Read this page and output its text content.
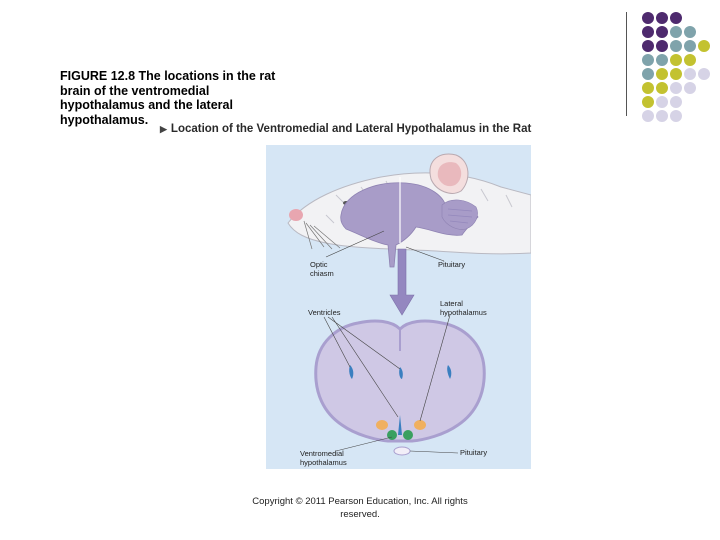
FIGURE 12.8 The locations in the rat brain of the ventromedial hypothalamus and the lateral hypothalamus.
▶ Location of the Ventromedial and Lateral Hypothalamus in the Rat
Optic chiasm
Pituitary
Lateral hypothalamus
Ventricles
Ventromedial hypothalamus
Pituitary
Copyright © 2011 Pearson Education, Inc. All rights reserved.
